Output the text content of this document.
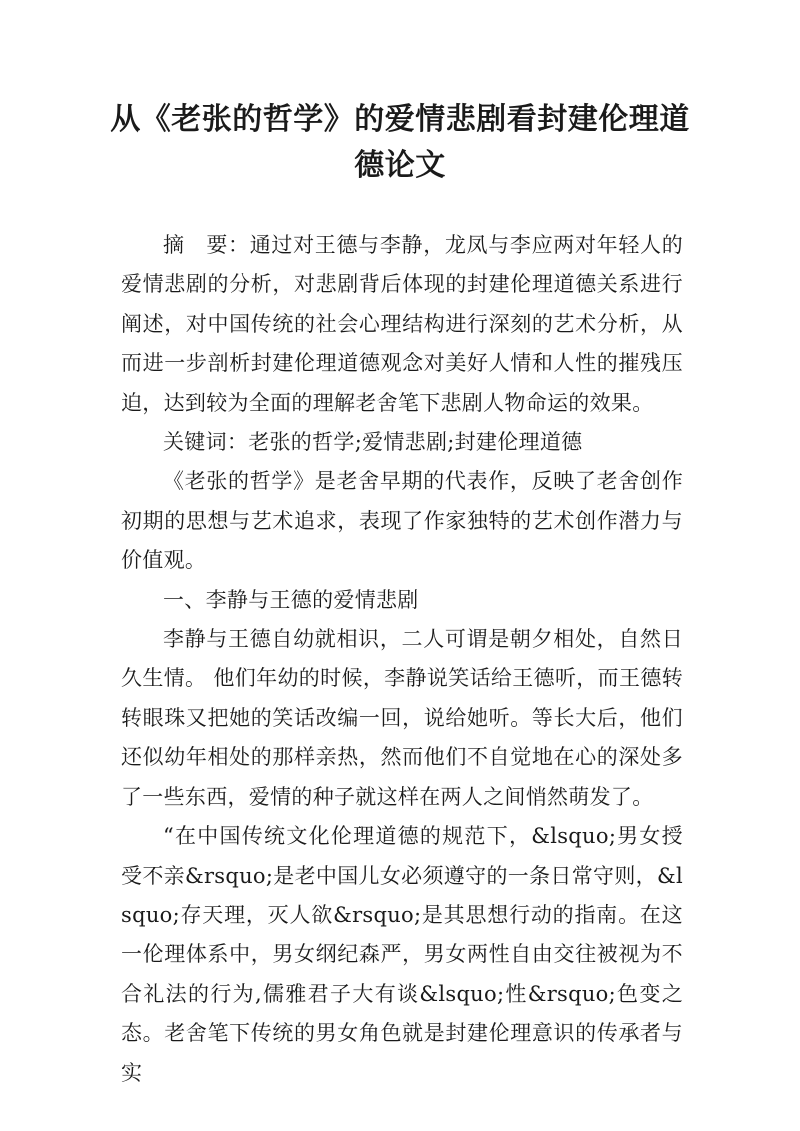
从《老张的哲学》的爱情悲剧看封建伦理道
德论文

摘　要：通过对王德与李静，龙凤与李应两对年轻人的爱情悲剧的分析，对悲剧背后体现的封建伦理道德关系进行阐述，对中国传统的社会心理结构进行深刻的艺术分析，从而进一步剖析封建伦理道德观念对美好人情和人性的摧残压迫，达到较为全面的理解老舍笔下悲剧人物命运的效果。

关键词：老张的哲学;爱情悲剧;封建伦理道德

《老张的哲学》是老舍早期的代表作，反映了老舍创作初期的思想与艺术追求，表现了作家独特的艺术创作潜力与价值观。

一、李静与王德的爱情悲剧

李静与王德自幼就相识，二人可谓是朝夕相处，自然日久生情。 他们年幼的时候，李静说笑话给王德听，而王德转转眼珠又把她的笑话改编一回，说给她听。等长大后，他们还似幼年相处的那样亲热，然而他们不自觉地在心的深处多了一些东西，爱情的种子就这样在两人之间悄然萌发了。

“在中国传统文化伦理道德的规范下，&lsquo;男女授受不亲&rsquo;是老中国儿女必须遵守的一条日常守则，&lsquo;存天理，灭人欲&rsquo;是其思想行动的指南。在这一伦理体系中，男女纲纪森严，男女两性自由交往被视为不合礼法的行为,儒雅君子大有谈&lsquo;性&rsquo;色变之态。老舍笔下传统的男女角色就是封建伦理意识的传承者与实
